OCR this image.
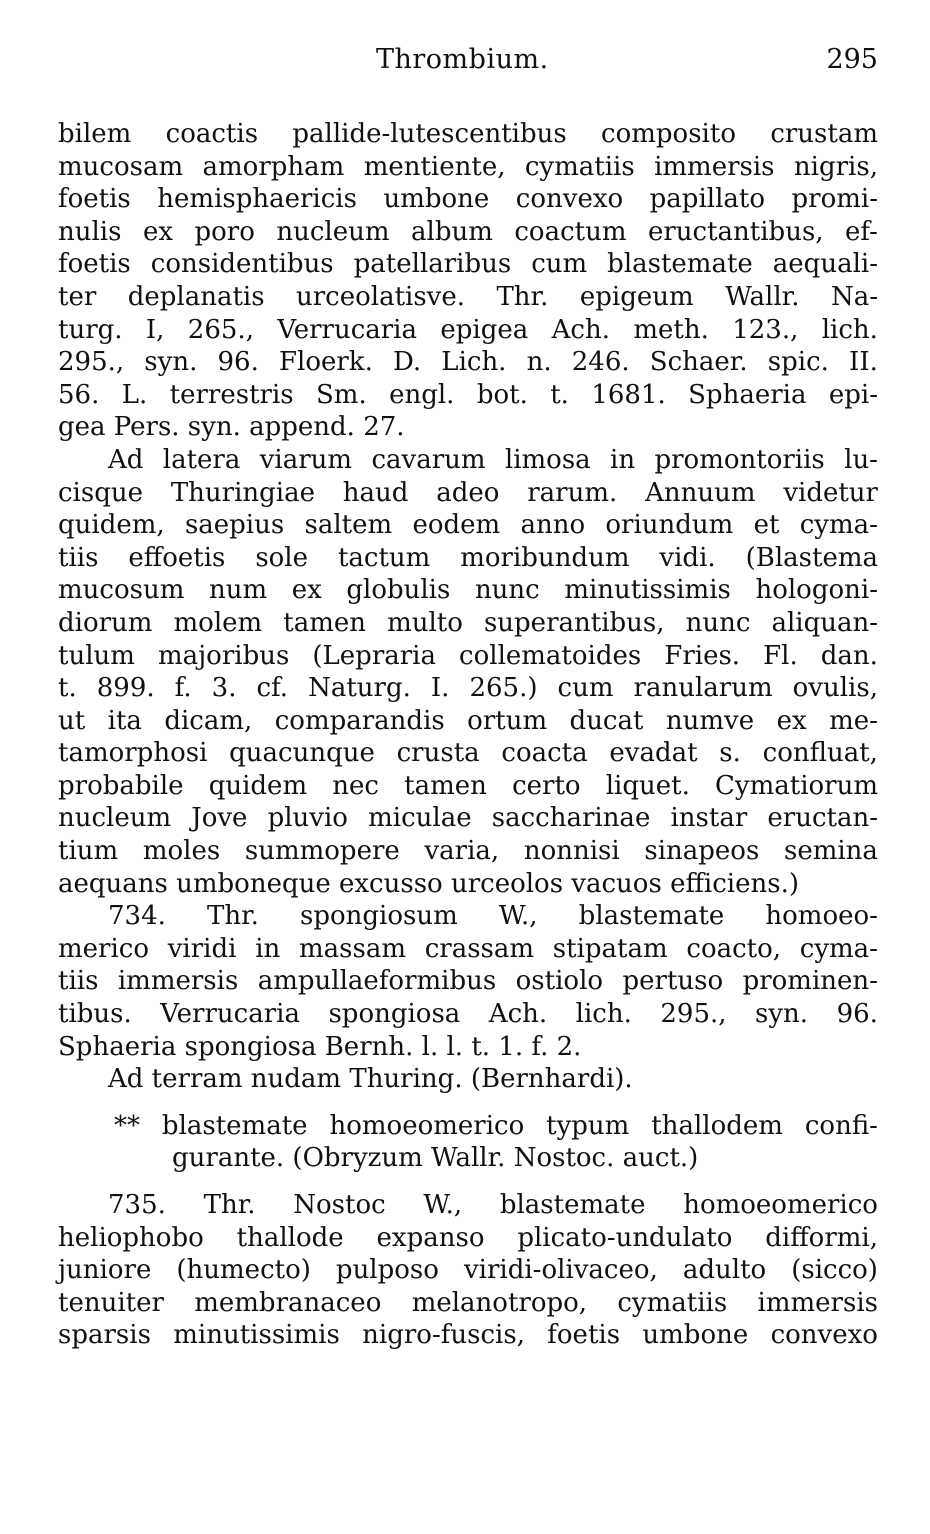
Thrombium.	295
bilem coactis pallide-lutescentibus composito crustam
mucosam amorpham mentiente, cymatiis immersis nigris,
foetis hemisphaericis umbone convexo papillato promi-
nulis ex poro nucleum album coactum eructantibus, ef-
foetis considentibus patellaribus cum blastemate aequali-
ter deplanatis urceolatisve. Thr. epigeum Wallr. Na-
turg. I, 265., Verrucaria epigea Ach. meth. 123., lich.
295., syn. 96. Floerk. D. Lich. n. 246. Schaer. spic. II.
56. L. terrestris Sm. engl. bot. t. 1681. Sphaeria epi-
gea Pers. syn. append. 27.
Ad latera viarum cavarum limosa in promontoriis lu-
cisque Thuringiae haud adeo rarum. Annuum videtur
quidem, saepius saltem eodem anno oriundum et cyma-
tiis effoetis sole tactum moribundum vidi. (Blastema
mucosum num ex globulis nunc minutissimis hologoni-
diorum molem tamen multo superantibus, nunc aliquan-
tulum majoribus (Lepraria collematoides Fries. Fl. dan.
t. 899. f. 3. cf. Naturg. I. 265.) cum ranularum ovulis,
ut ita dicam, comparandis ortum ducat numve ex me-
tamorphosi quacunque crusta coacta evadat s. confluat,
probabile quidem nec tamen certo liquet. Cymatiorum
nucleum Jove pluvio miculae saccharinae instar eructan-
tium moles summopere varia, nonnisi sinapeos semina
aequans umboneque excusso urceolos vacuos efficiens.)
734. Thr. spongiosum W., blastemate homoeo-
merico viridi in massam crassam stipatam coacto, cyma-
tiis immersis ampullaeformibus ostiolo pertuso prominen-
tibus. Verrucaria spongiosa Ach. lich. 295., syn. 96.
Sphaeria spongiosa Bernh. l. l. t. 1. f. 2.
Ad terram nudam Thuring. (Bernhardi).
** blastemate homoeomerico typum thallodem confi-
gurante. (Obryzum Wallr. Nostoc. auct.)
735. Thr. Nostoc W., blastemate homoeomerico
heliophobo thallode expanso plicato-undulato difformi,
juniore (humecto) pulposo viridi-olivaceo, adulto (sicco)
tenuiter membranaceo melanotropo, cymatiis immersis
sparsis minutissimis nigro-fuscis, foetis umbone convexo
